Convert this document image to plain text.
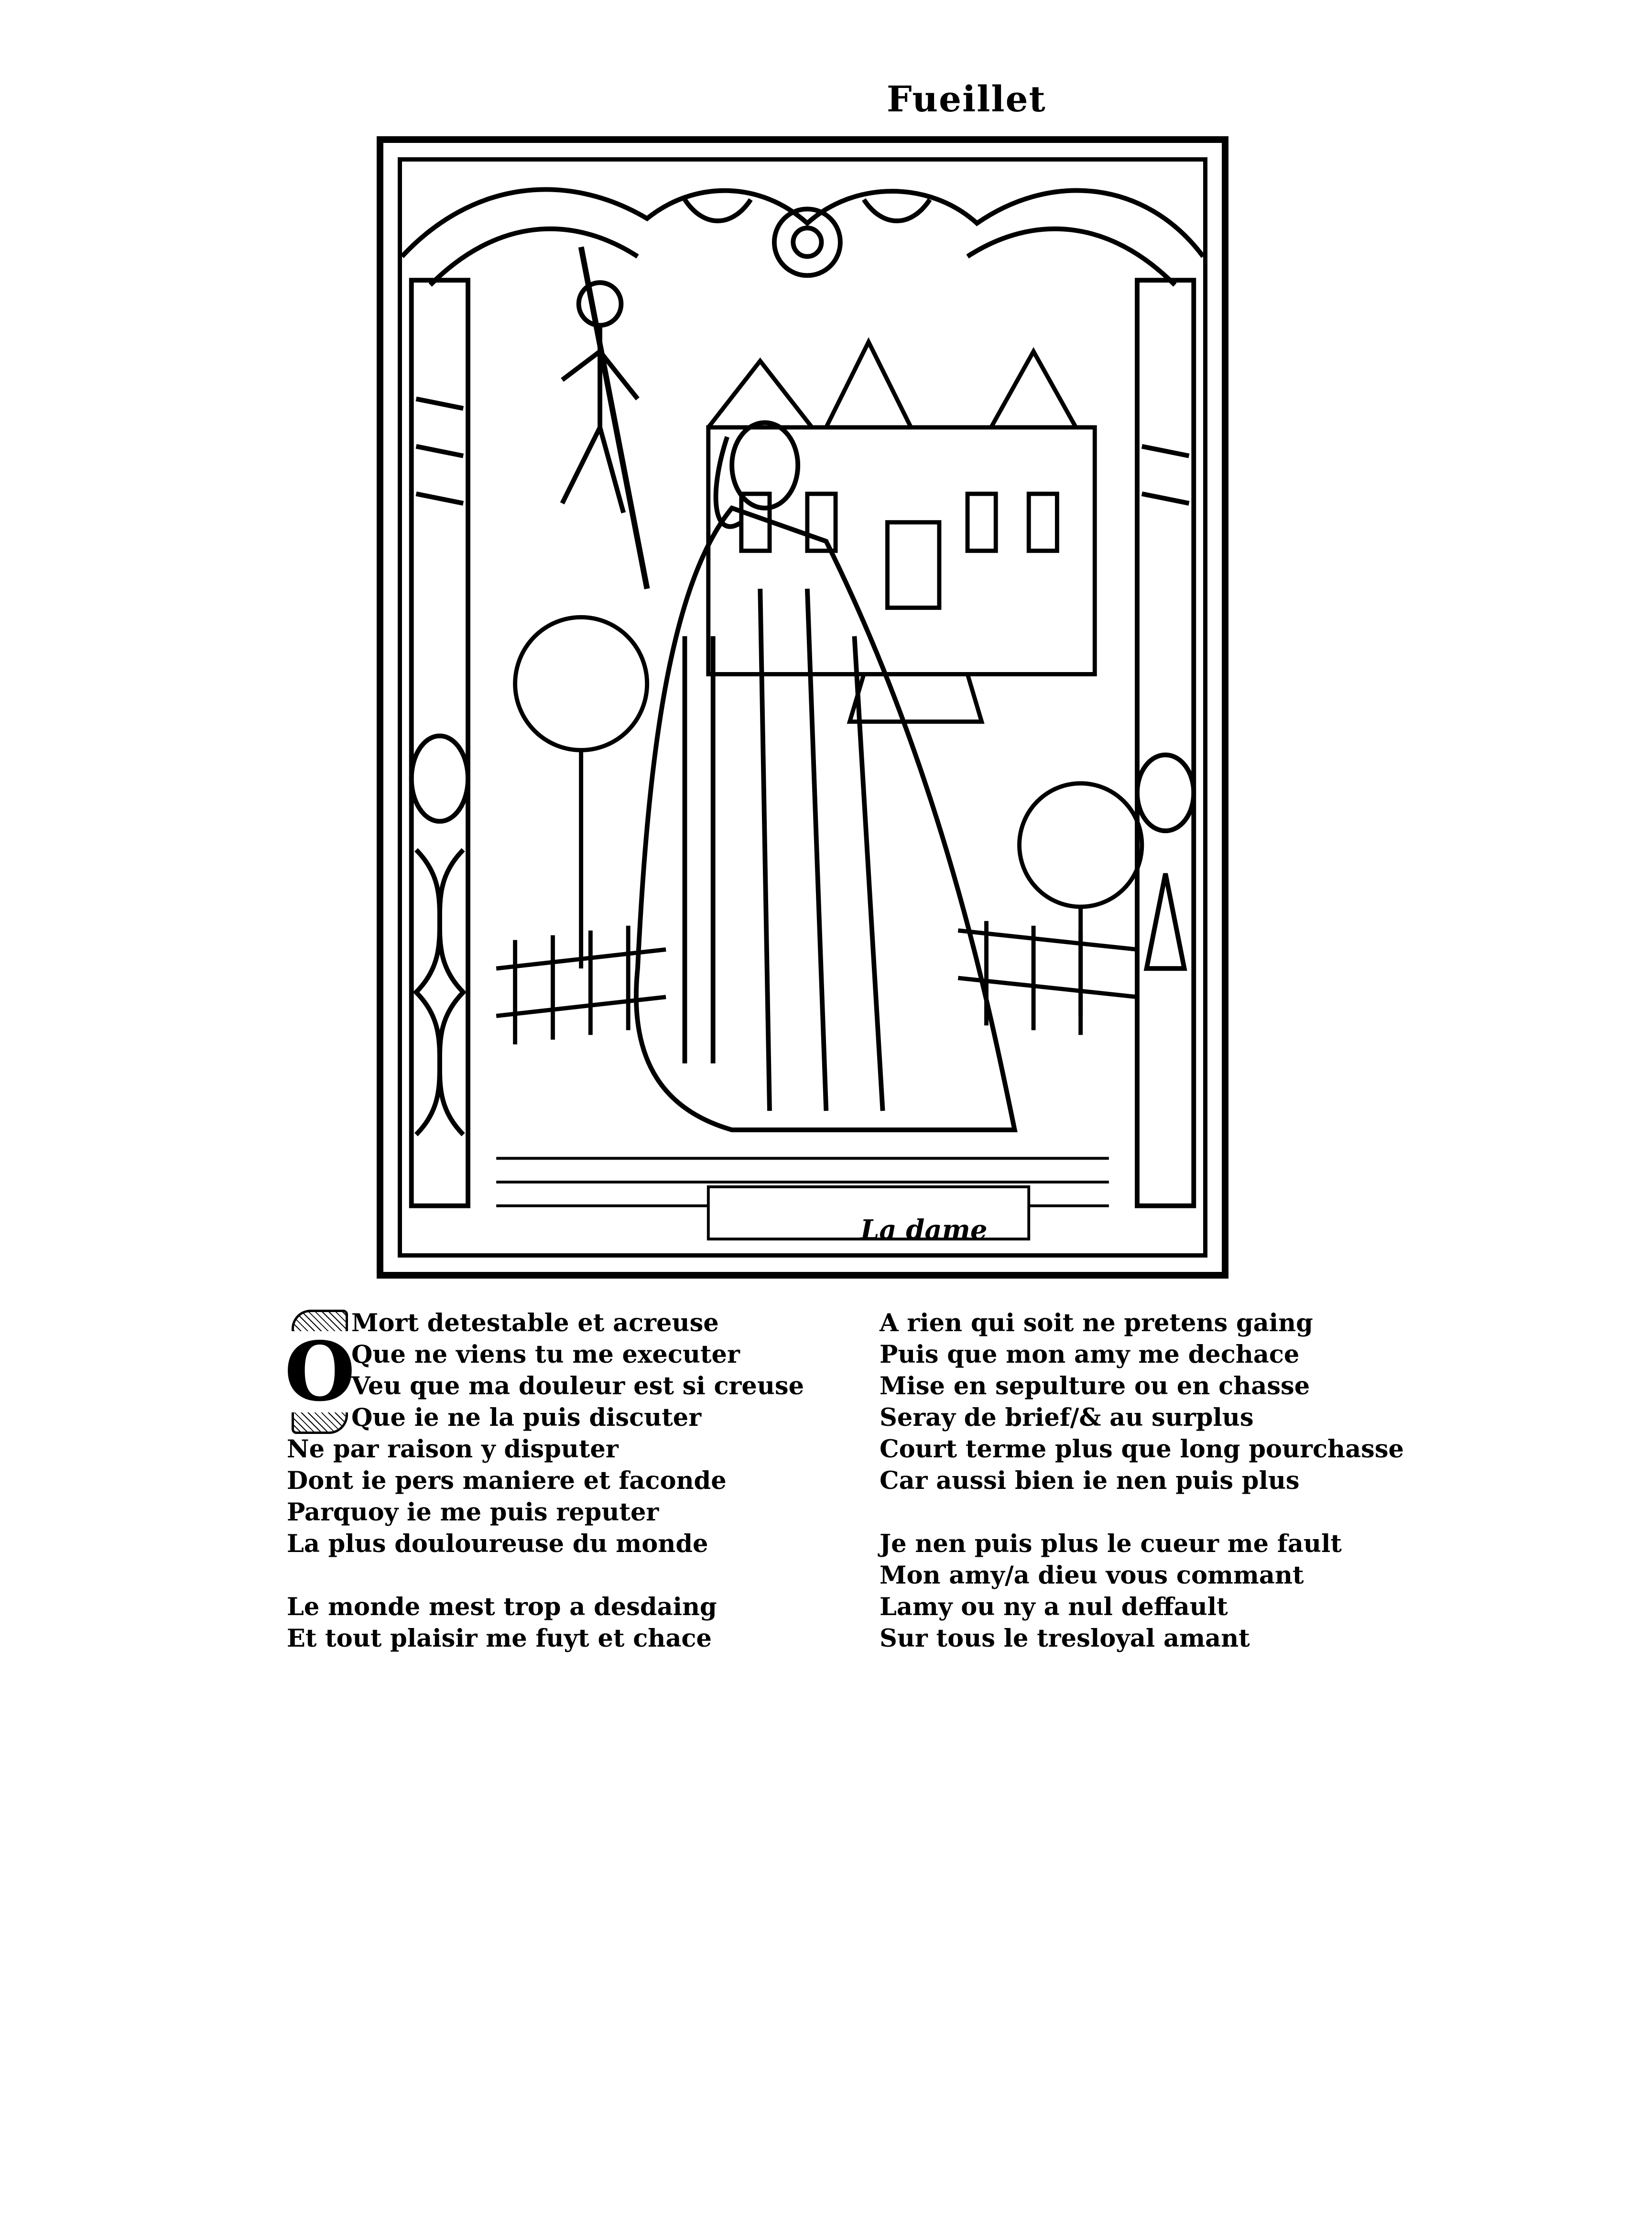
Fueillet
La dame
O
Mort detestable et acreuse
Que ne viens tu me executer
Veu que ma douleur est si creuse
Que ie ne la puis discuter
Ne par raison y disputer
Dont ie pers maniere et faconde
Parquoy ie me puis reputer
La plus douloureuse du monde
Le monde mest trop a desdaing
Et tout plaisir me fuyt et chace
A rien qui soit ne pretens gaing
Puis que mon amy me dechace
Mise en sepulture ou en chasse
Seray de brief/& au surplus
Court terme plus que long pourchasse
Car aussi bien ie nen puis plus
Je nen puis plus le cueur me fault
Mon amy/a dieu vous commant
Lamy ou ny a nul deffault
Sur tous le tresloyal amant
